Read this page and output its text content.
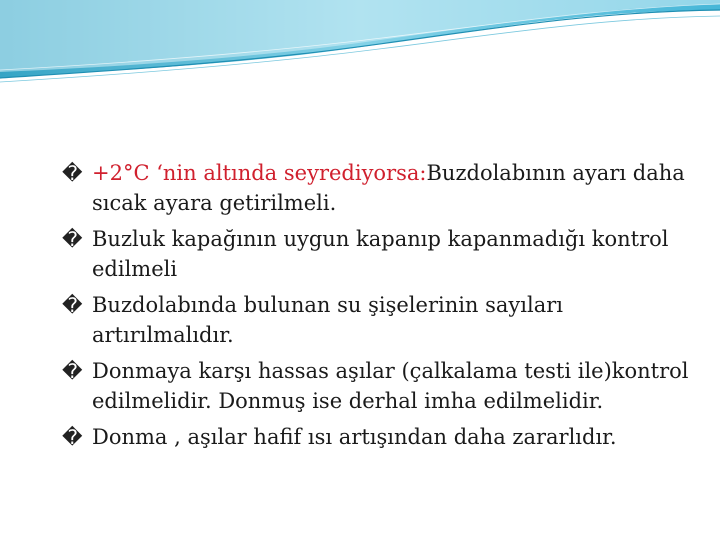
� +2°C ‘nin altında seyrediyorsa:Buzdolabının ayarı daha sıcak ayara getirilmeli.

� Buzluk kapağının uygun kapanıp kapanmadığı kontrol edilmeli

� Buzdolabında bulunan su şişelerinin sayıları artırılmalıdır.

� Donmaya karşı hassas aşılar (çalkalama testi ile)kontrol edilmelidir. Donmuş ise derhal imha edilmelidir.

� Donma , aşılar hafif ısı artışından daha zararlıdır.
